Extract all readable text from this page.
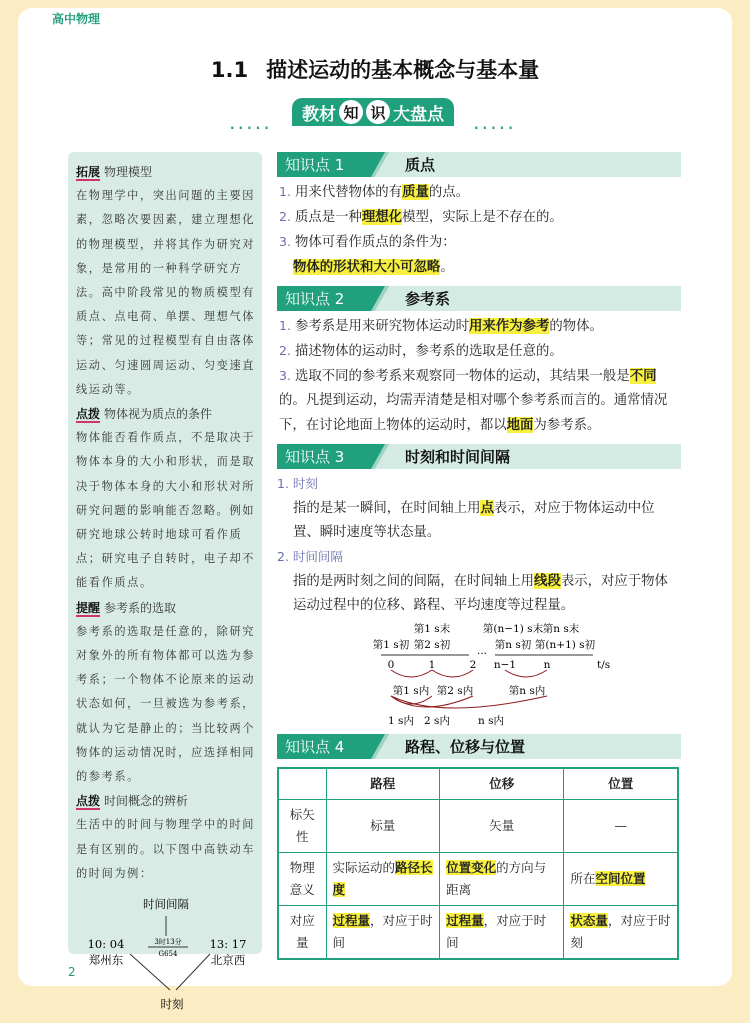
高中物理
1.1 描述运动的基本概念与基本量
.....	.....
教材 知 识 大盘点
拓展 物理模型
在物理学中，突出问题的主要因素，忽略次要因素，建立理想化的物理模型，并将其作为研究对象，是常用的一种科学研究方法。高中阶段常见的物质模型有质点、点电荷、单摆、理想气体等；常见的过程模型有自由落体运动、匀速圆周运动、匀变速直线运动等。
点拨 物体视为质点的条件
物体能否看作质点，不是取决于物体本身的大小和形状，而是取决于物体本身的大小和形状对所研究问题的影响能否忽略。例如研究地球公转时地球可看作质点；研究电子自转时，电子却不能看作质点。
提醒 参考系的选取
参考系的选取是任意的，除研究对象外的所有物体都可以选为参考系；一个物体不论原来的运动状态如何，一旦被选为参考系，就认为它是静止的；当比较两个物体的运动情况时，应选择相同的参考系。
点拨 时间概念的辨析
生活中的时间与物理学中的时间是有区别的。以下图中高铁动车的时间为例：
时间间隔
10: 04
郑州东
13: 17
北京西
3时13分
G654
时刻
知识点 1	质点
1. 用来代替物体的有质量的点。
2. 质点是一种理想化模型，实际上是不存在的。
3. 物体可看作质点的条件为：
物体的形状和大小可忽略。
知识点 2	参考系
1. 参考系是用来研究物体运动时用来作为参考的物体。
2. 描述物体的运动时，参考系的选取是任意的。
3. 选取不同的参考系来观察同一物体的运动，其结果一般是不同的。凡提到运动，均需弄清楚是相对哪个参考系而言的。通常情况下，在讨论地面上物体的运动时，都以地面为参考系。
知识点 3	时刻和时间间隔
1. 时刻
指的是某一瞬间，在时间轴上用点表示，对应于物体运动中位置、瞬时速度等状态量。
2. 时间间隔
指的是两时刻之间的间隔，在时间轴上用线段表示，对应于物体运动过程中的位移、路程、平均速度等过程量。
第1 s末	第(n−1) s末 第n s末
第1 s初 第2 s初	第n s初 第(n+1) s初
···
0	1	2 n−1	n	t/s
第1 s内 第2 s内	第n s内
1 s内 2 s内	n s内
知识点 4	路程、位移与位置
	路程	位移	位置
标矢性	标量	矢量	—
物理意义	实际运动的路径长度	位置变化的方向与距离	所在空间位置
对应量	过程量，对应于时间	过程量，对应于时间	状态量，对应于时刻
2
